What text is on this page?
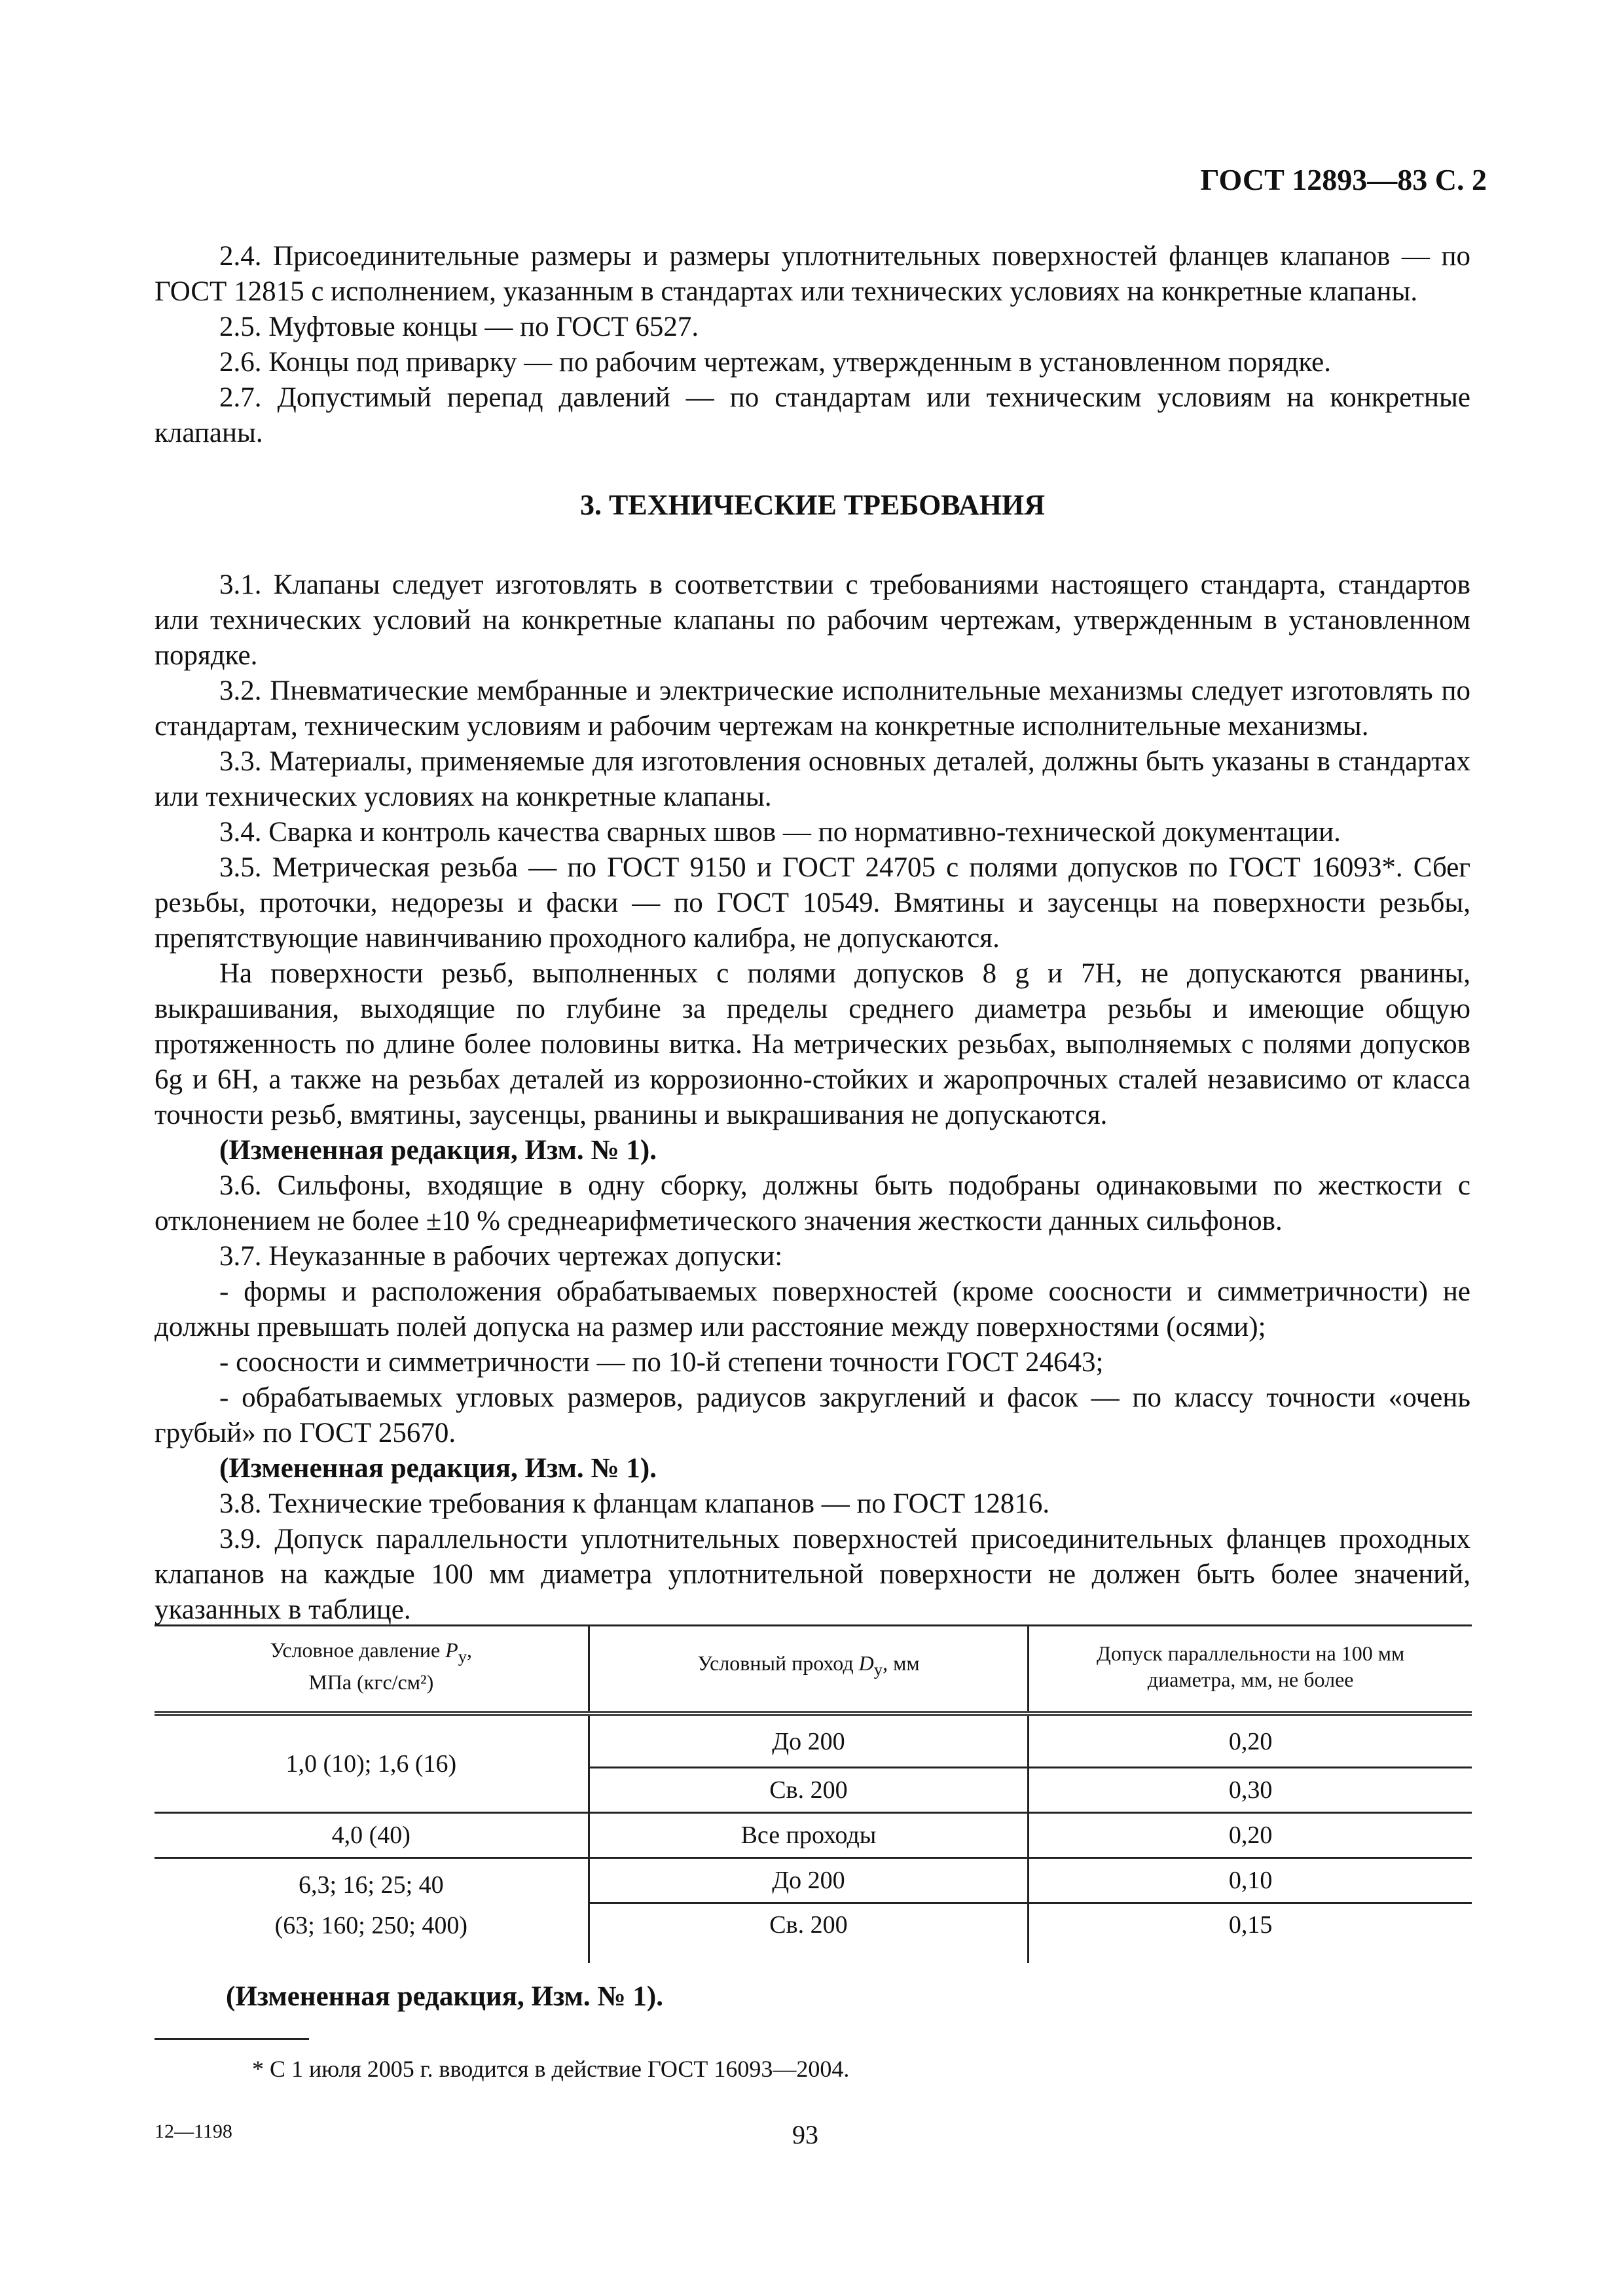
ГОСТ 12893—83 С. 2

2.4. Присоединительные размеры и размеры уплотнительных поверхностей фланцев клапанов — по ГОСТ 12815 с исполнением, указанным в стандартах или технических условиях на конкретные клапаны.

2.5. Муфтовые концы — по ГОСТ 6527.

2.6. Концы под приварку — по рабочим чертежам, утвержденным в установленном порядке.

2.7. Допустимый перепад давлений — по стандартам или техническим условиям на конкретные клапаны.

3. ТЕХНИЧЕСКИЕ ТРЕБОВАНИЯ

3.1. Клапаны следует изготовлять в соответствии с требованиями настоящего стандарта, стандартов или технических условий на конкретные клапаны по рабочим чертежам, утвержденным в установленном порядке.

3.2. Пневматические мембранные и электрические исполнительные механизмы следует изготовлять по стандартам, техническим условиям и рабочим чертежам на конкретные исполнительные механизмы.

3.3. Материалы, применяемые для изготовления основных деталей, должны быть указаны в стандартах или технических условиях на конкретные клапаны.

3.4. Сварка и контроль качества сварных швов — по нормативно-технической документации.

3.5. Метрическая резьба — по ГОСТ 9150 и ГОСТ 24705 с полями допусков по ГОСТ 16093*. Сбег резьбы, проточки, недорезы и фаски — по ГОСТ 10549. Вмятины и заусенцы на поверхности резьбы, препятствующие навинчиванию проходного калибра, не допускаются.

На поверхности резьб, выполненных с полями допусков 8 g и 7H, не допускаются рванины, выкрашивания, выходящие по глубине за пределы среднего диаметра резьбы и имеющие общую протяженность по длине более половины витка. На метрических резьбах, выполняемых с полями допусков 6g и 6H, а также на резьбах деталей из коррозионно-стойких и жаропрочных сталей независимо от класса точности резьб, вмятины, заусенцы, рванины и выкрашивания не допускаются.

(Измененная редакция, Изм. № 1).

3.6. Сильфоны, входящие в одну сборку, должны быть подобраны одинаковыми по жесткости с отклонением не более ±10 % среднеарифметического значения жесткости данных сильфонов.

3.7. Неуказанные в рабочих чертежах допуски:

- формы и расположения обрабатываемых поверхностей (кроме соосности и симметричности) не должны превышать полей допуска на размер или расстояние между поверхностями (осями);

- соосности и симметричности — по 10-й степени точности ГОСТ 24643;

- обрабатываемых угловых размеров, радиусов закруглений и фасок — по классу точности «очень грубый» по ГОСТ 25670.

(Измененная редакция, Изм. № 1).

3.8. Технические требования к фланцам клапанов — по ГОСТ 12816.

3.9. Допуск параллельности уплотнительных поверхностей присоединительных фланцев проходных клапанов на каждые 100 мм диаметра уплотнительной поверхности не должен быть более значений, указанных в таблице.

Условное давление $P_у$,
МПа (кгс/см²)	Условный проход $D_у$, мм	Допуск параллельности на 100 мм
диаметра, мм, не более
1,0 (10); 1,6 (16)	До 200	0,20
	Св. 200	0,30
4,0 (40)	Все проходы	0,20
6,3; 16; 25; 40
(63; 160; 250; 400)	До 200	0,10
	Св. 200	0,15
(Измененная редакция, Изм. № 1).
* С 1 июля 2005 г. вводится в действие ГОСТ 16093—2004.
12—1198	93
